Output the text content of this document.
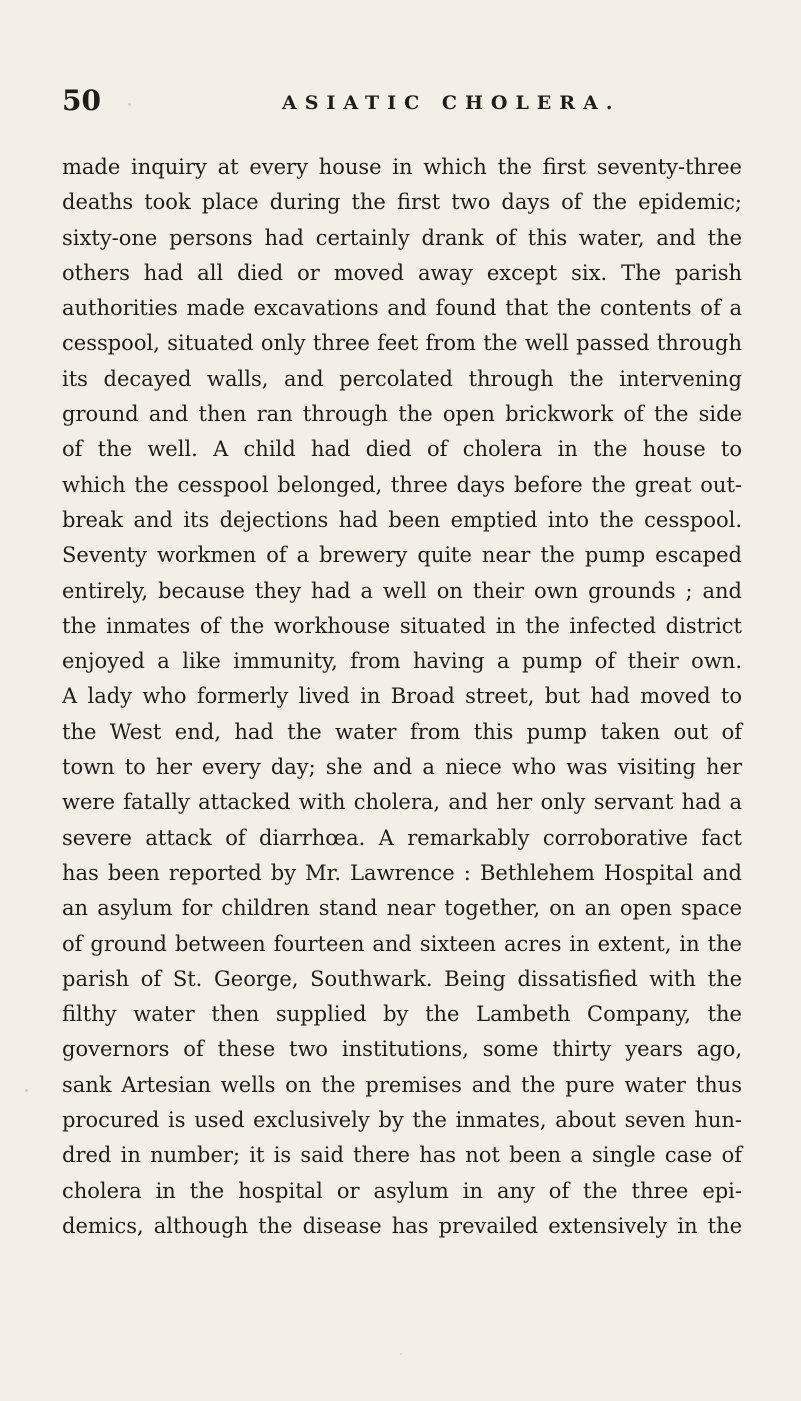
50	ASIATIC CHOLERA.
made inquiry at every house in which the first seventy-three
deaths took place during the first two days of the epidemic;
sixty-one persons had certainly drank of this water, and the
others had all died or moved away except six. The parish
authorities made excavations and found that the contents of a
cesspool, situated only three feet from the well passed through
its decayed walls, and percolated through the intervening
ground and then ran through the open brickwork of the side
of the well. A child had died of cholera in the house to
which the cesspool belonged, three days before the great out-
break and its dejections had been emptied into the cesspool.
Seventy workmen of a brewery quite near the pump escaped
entirely, because they had a well on their own grounds ; and
the inmates of the workhouse situated in the infected district
enjoyed a like immunity, from having a pump of their own.
A lady who formerly lived in Broad street, but had moved to
the West end, had the water from this pump taken out of
town to her every day; she and a niece who was visiting her
were fatally attacked with cholera, and her only servant had a
severe attack of diarrhœa. A remarkably corroborative fact
has been reported by Mr. Lawrence : Bethlehem Hospital and
an asylum for children stand near together, on an open space
of ground between fourteen and sixteen acres in extent, in the
parish of St. George, Southwark. Being dissatisfied with the
filthy water then supplied by the Lambeth Company, the
governors of these two institutions, some thirty years ago,
sank Artesian wells on the premises and the pure water thus
procured is used exclusively by the inmates, about seven hun-
dred in number; it is said there has not been a single case of
cholera in the hospital or asylum in any of the three epi-
demics, although the disease has prevailed extensively in the
